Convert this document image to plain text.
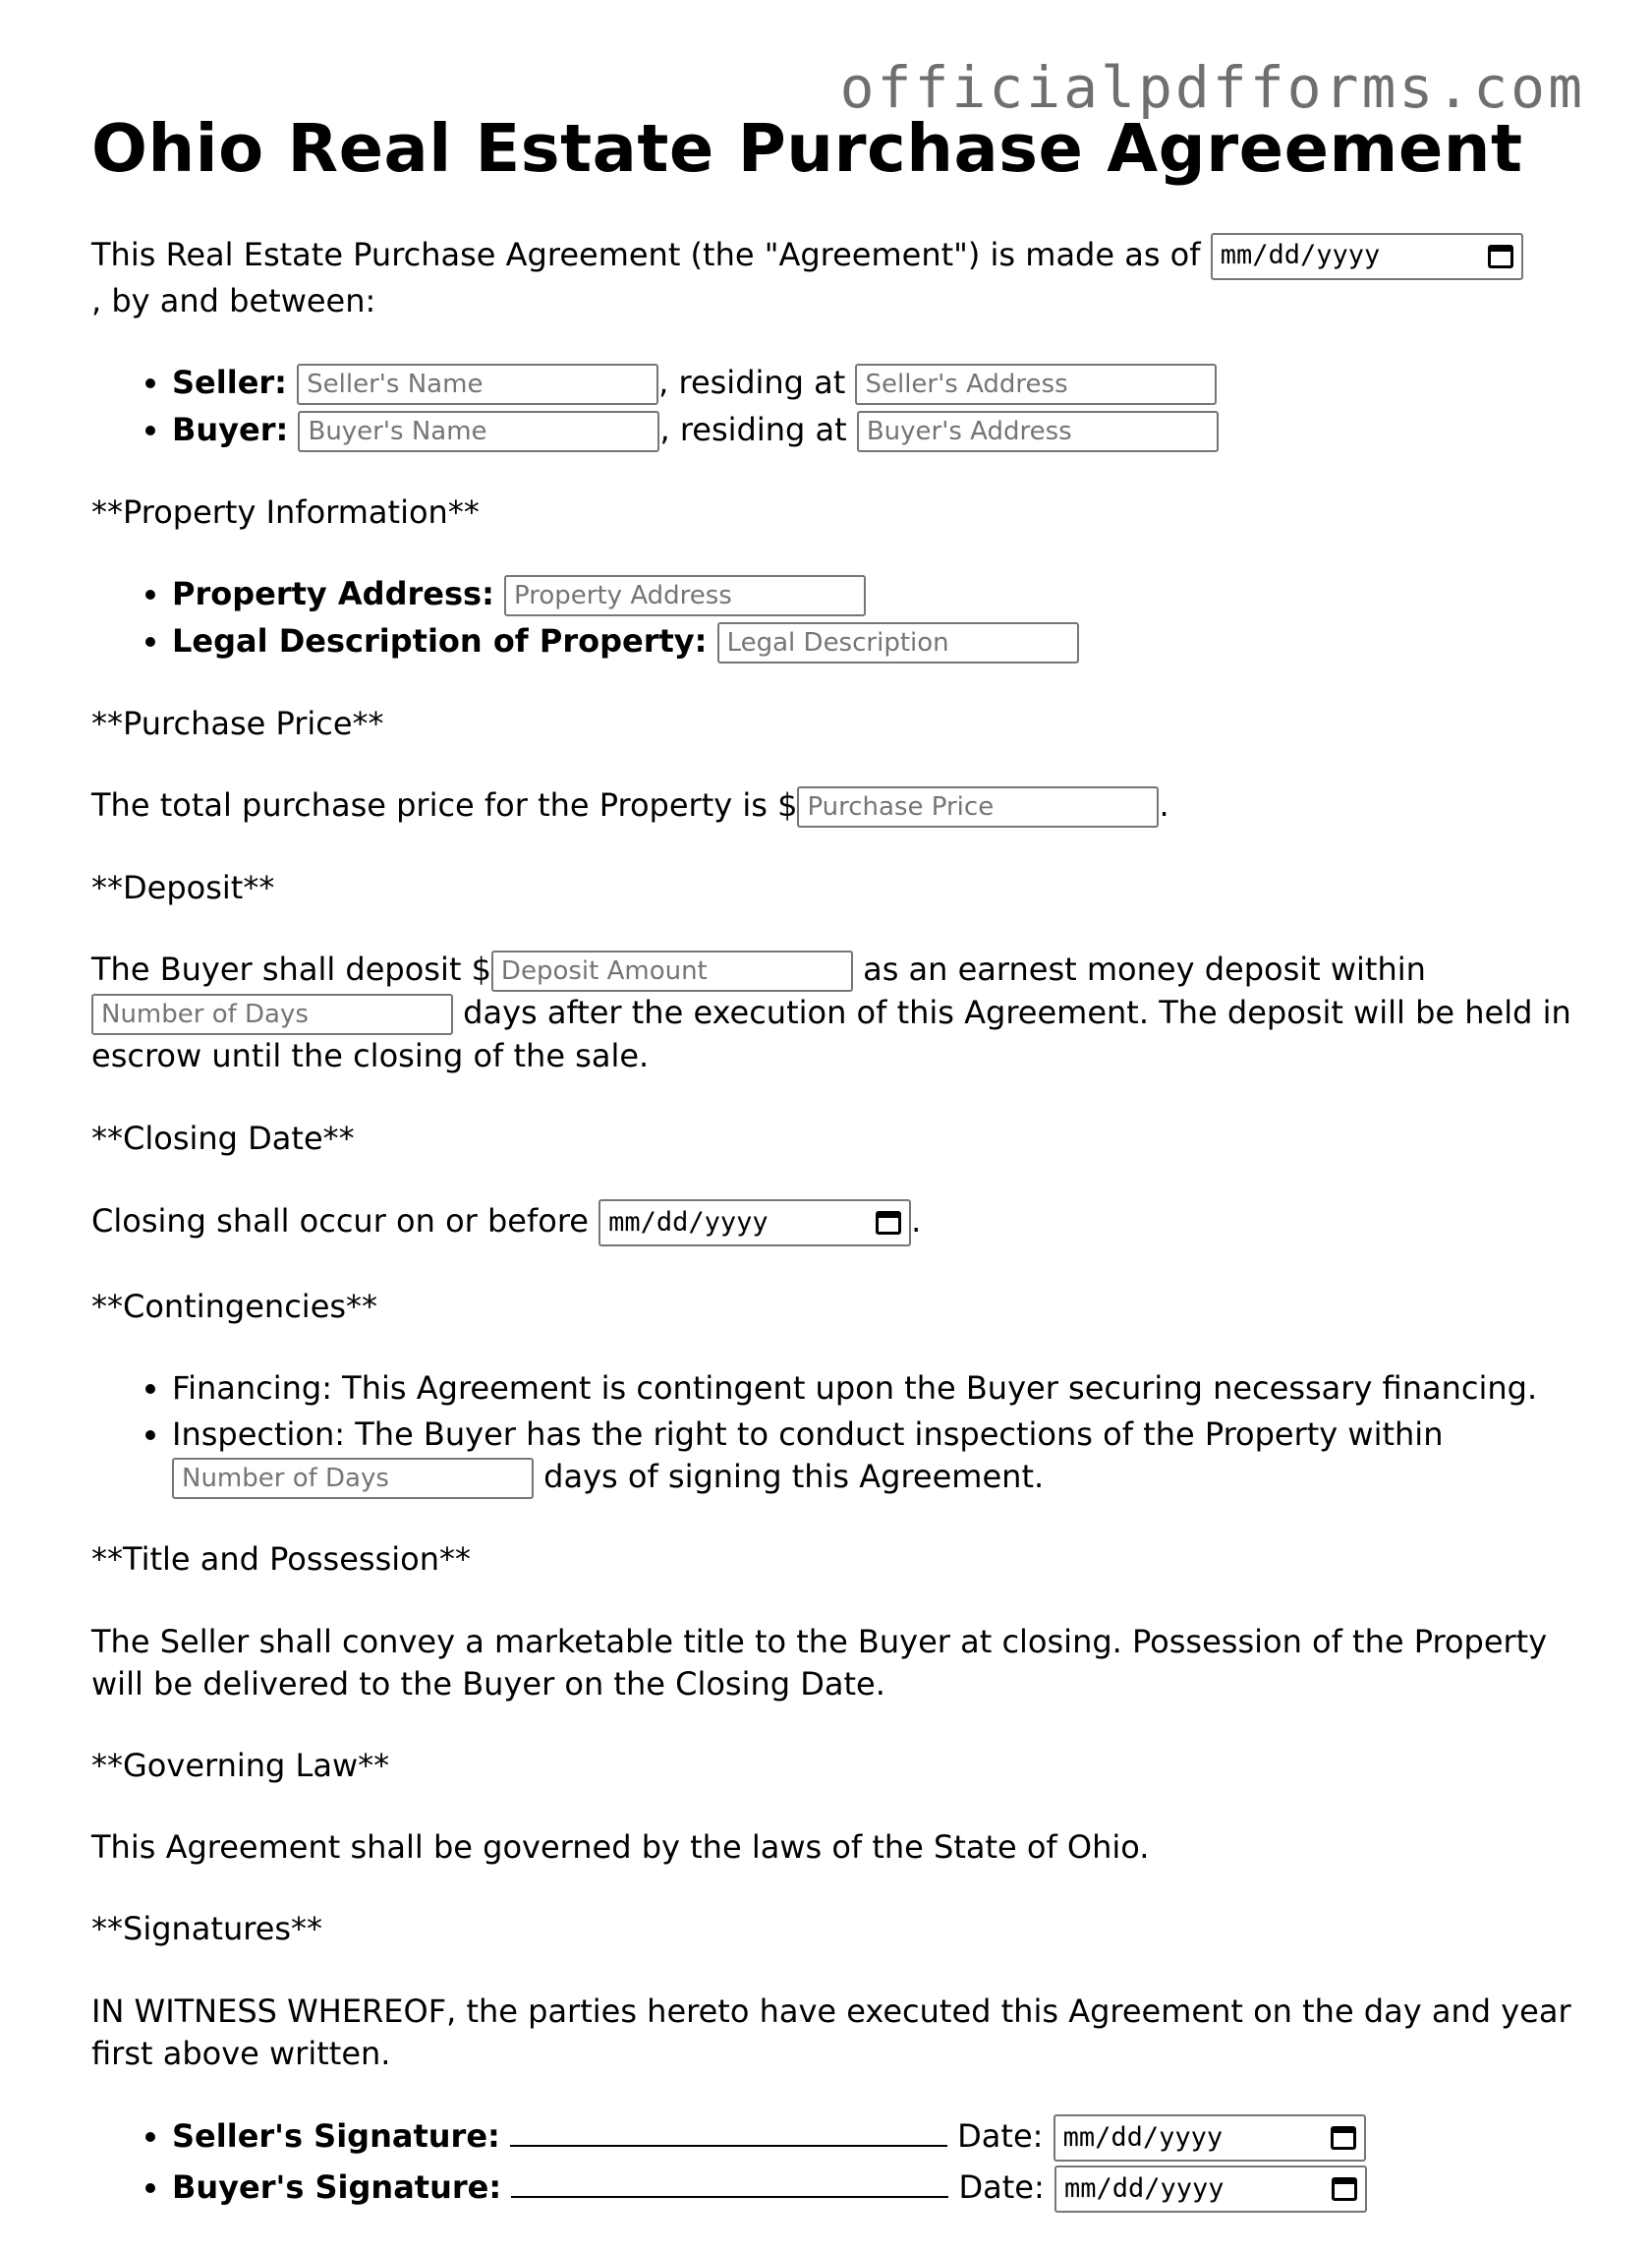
officialpdfforms.com
Ohio Real Estate Purchase Agreement

This Real Estate Purchase Agreement (the "Agreement") is made as of mm/dd/yyyy

, by and between:

• Seller: Seller's Name	, residing at Seller's Address
• Buyer: Buyer's Name	, residing at Buyer's Address

**Property Information**

• Property Address: Property Address
• Legal Description of Property: Legal Description

**Purchase Price**

The total purchase price for the Property is $Purchase Price	.

**Deposit**

The Buyer shall deposit $Deposit Amount	as an earnest money deposit within Number of Days days after the execution of this Agreement. The deposit will be held in escrow until the closing of the sale.

**Closing Date**

Closing shall occur on or before mm/dd/yyyy	.

**Contingencies**

• Financing: This Agreement is contingent upon the Buyer securing necessary financing.
• Inspection: The Buyer has the right to conduct inspections of the Property within Number of Days days of signing this Agreement.

**Title and Possession**

The Seller shall convey a marketable title to the Buyer at closing. Possession of the Property will be delivered to the Buyer on the Closing Date.

**Governing Law**

This Agreement shall be governed by the laws of the State of Ohio.

**Signatures**

IN WITNESS WHEREOF, the parties hereto have executed this Agreement on the day and year first above written.

• Seller's Signature:	Date: mm/dd/yyyy
• Buyer's Signature:	Date: mm/dd/yyyy
